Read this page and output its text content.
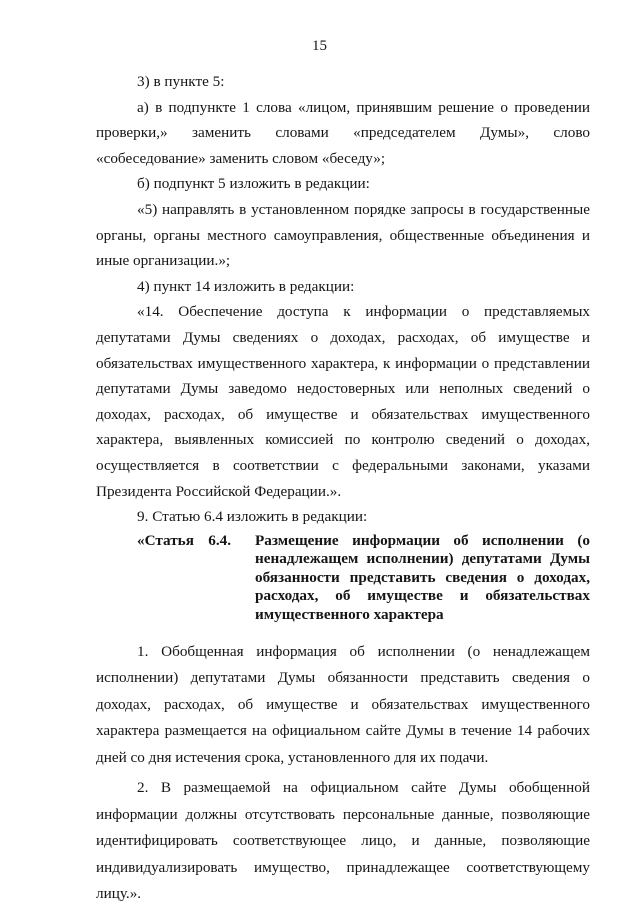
15

3) в пункте 5:

а) в подпункте 1 слова «лицом, принявшим решение о проведении проверки,» заменить словами «председателем Думы», слово «собеседование» заменить словом «беседу»;

б) подпункт 5 изложить в редакции:

«5) направлять в установленном порядке запросы в государственные органы, органы местного самоуправления, общественные объединения и иные организации.»;

4) пункт 14 изложить в редакции:

«14. Обеспечение доступа к информации о представляемых депутатами Думы сведениях о доходах, расходах, об имуществе и обязательствах имущественного характера, к информации о представлении депутатами Думы заведомо недостоверных или неполных сведений о доходах, расходах, об имуществе и обязательствах имущественного характера, выявленных комиссией по контролю сведений о доходах, осуществляется в соответствии с федеральными законами, указами Президента Российской Федерации.».

9. Статью 6.4 изложить в редакции:

«Статья 6.4.	Размещение информации об исполнении (о ненадлежащем исполнении) депутатами Думы обязанности представить сведения о доходах, расходах, об имуществе и обязательствах имущественного характера

1. Обобщенная информация об исполнении (о ненадлежащем исполнении) депутатами Думы обязанности представить сведения о доходах, расходах, об имуществе и обязательствах имущественного характера размещается на официальном сайте Думы в течение 14 рабочих дней со дня истечения срока, установленного для их подачи.

2. В размещаемой на официальном сайте Думы обобщенной информации должны отсутствовать персональные данные, позволяющие идентифицировать соответствующее лицо, и данные, позволяющие индивидуализировать имущество, принадлежащее соответствующему лицу.».
